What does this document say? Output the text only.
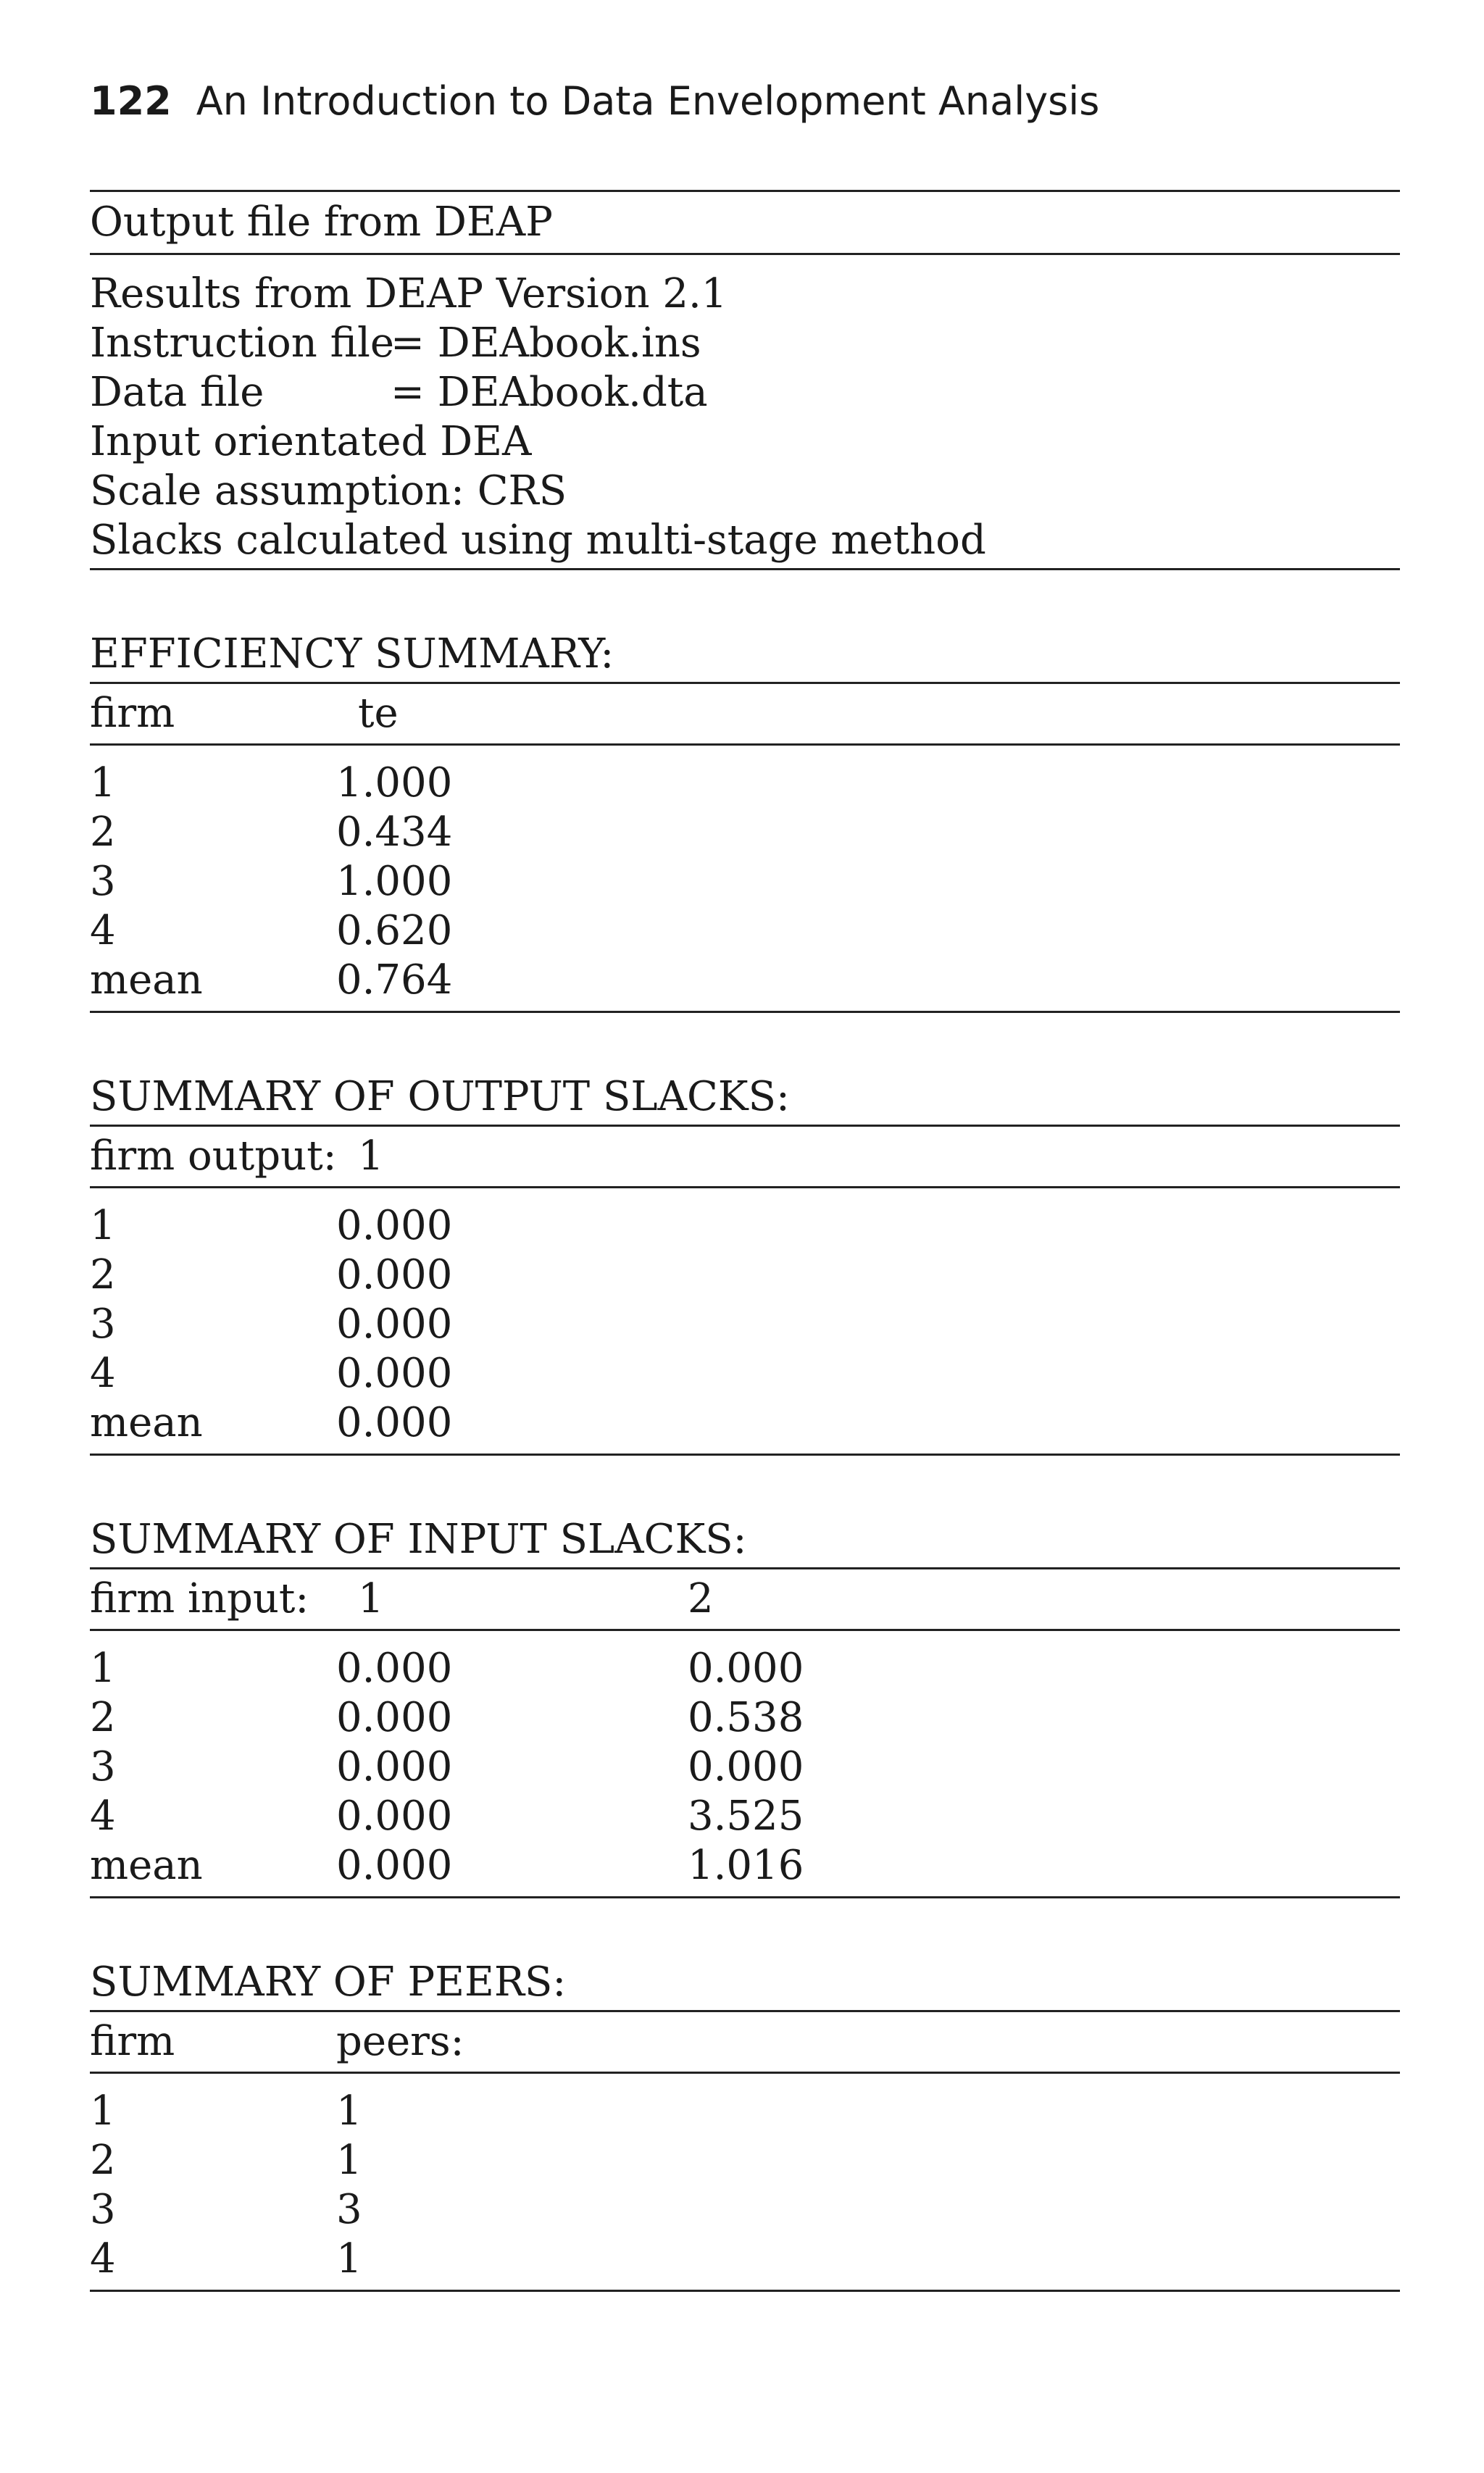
122 An Introduction to Data Envelopment Analysis
Output file from DEAP
Results from DEAP Version 2.1
Instruction file= DEAbook.ins
Data file	= DEAbook.dta
Input orientated DEA
Scale assumption: CRS
Slacks calculated using multi-stage method
EFFICIENCY SUMMARY:
firm	te
1	1.000
2	0.434
3	1.000
4	0.620
mean	0.764
SUMMARY OF OUTPUT SLACKS:
firm output: 1
1	0.000
2	0.000
3	0.000
4	0.000
mean	0.000
SUMMARY OF INPUT SLACKS:
firm input: 1	2
1	0.000	0.000
2	0.000	0.538
3	0.000	0.000
4	0.000	3.525
mean	0.000	1.016
SUMMARY OF PEERS:
firm	peers:
1	1
2	1
3	3
4	1
